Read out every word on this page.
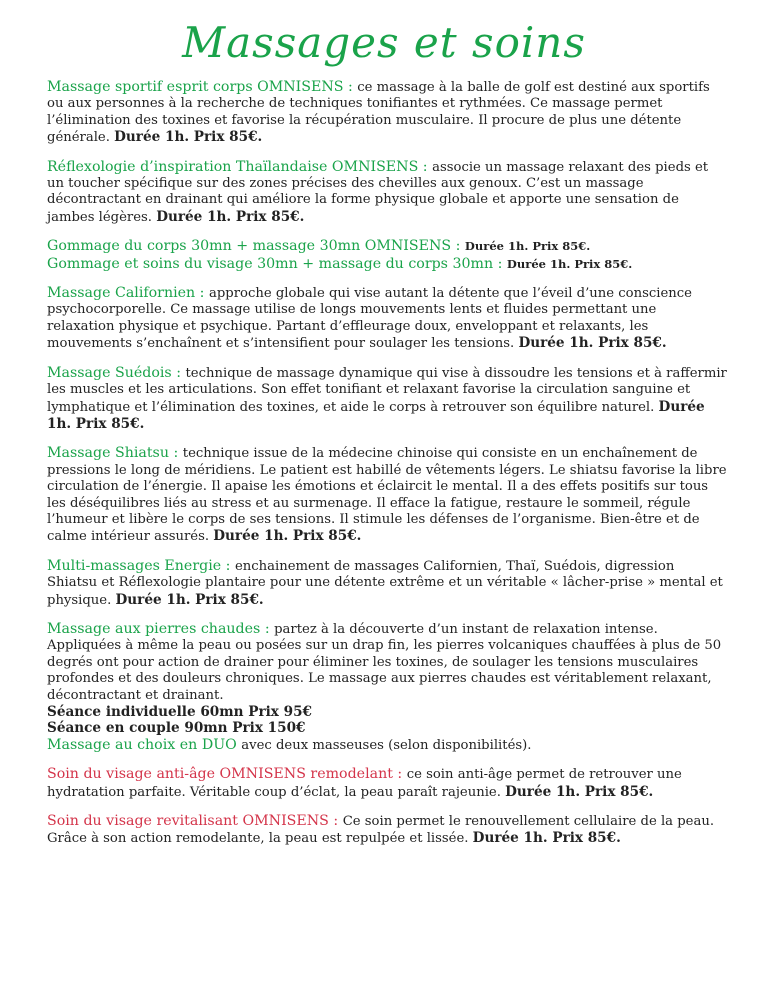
Massages et soins

Massage sportif esprit corps OMNISENS : ce massage à la balle de golf est destiné aux sportifs ou aux personnes à la recherche de techniques tonifiantes et rythmées. Ce massage permet l’élimination des toxines et favorise la récupération musculaire. Il procure de plus une détente générale. Durée 1h. Prix 85€.

Réflexologie d’inspiration Thaïlandaise OMNISENS : associe un massage relaxant des pieds et un toucher spécifique sur des zones précises des chevilles aux genoux. C’est un massage décontractant en drainant qui améliore la forme physique globale et apporte une sensation de jambes légères. Durée 1h. Prix 85€.

Gommage du corps 30mn + massage 30mn OMNISENS : Durée 1h. Prix 85€.
Gommage et soins du visage 30mn + massage du corps 30mn : Durée 1h. Prix 85€.

Massage Californien : approche globale qui vise autant la détente que l’éveil d’une conscience psychocorporelle. Ce massage utilise de longs mouvements lents et fluides permettant une relaxation physique et psychique. Partant d’effleurage doux, enveloppant et relaxants, les mouvements s’enchaînent et s’intensifient pour soulager les tensions. Durée 1h. Prix 85€.

Massage Suédois : technique de massage dynamique qui vise à dissoudre les tensions et à raffermir les muscles et les articulations. Son effet tonifiant et relaxant favorise la circulation sanguine et lymphatique et l’élimination des toxines, et aide le corps à retrouver son équilibre naturel. Durée 1h. Prix 85€.

Massage Shiatsu : technique issue de la médecine chinoise qui consiste en un enchaînement de pressions le long de méridiens. Le patient est habillé de vêtements légers. Le shiatsu favorise la libre circulation de l’énergie. Il apaise les émotions et éclaircit le mental. Il a des effets positifs sur tous les déséquilibres liés au stress et au surmenage. Il efface la fatigue, restaure le sommeil, régule l’humeur et libère le corps de ses tensions. Il stimule les défenses de l’organisme. Bien-être et de calme intérieur assurés. Durée 1h. Prix 85€.

Multi-massages Energie : enchainement de massages Californien, Thaï, Suédois, digression Shiatsu et Réflexologie plantaire pour une détente extrême et un véritable « lâcher-prise » mental et physique. Durée 1h. Prix 85€.

Massage aux pierres chaudes : partez à la découverte d’un instant de relaxation intense. Appliquées à même la peau ou posées sur un drap fin, les pierres volcaniques chauffées à plus de 50 degrés ont pour action de drainer pour éliminer les toxines, de soulager les tensions musculaires profondes et des douleurs chroniques. Le massage aux pierres chaudes est véritablement relaxant, décontractant et drainant.
Séance individuelle 60mn Prix 95€
Séance en couple 90mn Prix 150€
Massage au choix en DUO avec deux masseuses (selon disponibilités).

Soin du visage anti-âge OMNISENS remodelant : ce soin anti-âge permet de retrouver une hydratation parfaite. Véritable coup d’éclat, la peau paraît rajeunie. Durée 1h. Prix 85€.

Soin du visage revitalisant OMNISENS : Ce soin permet le renouvellement cellulaire de la peau. Grâce à son action remodelante, la peau est repulpée et lissée. Durée 1h. Prix 85€.
